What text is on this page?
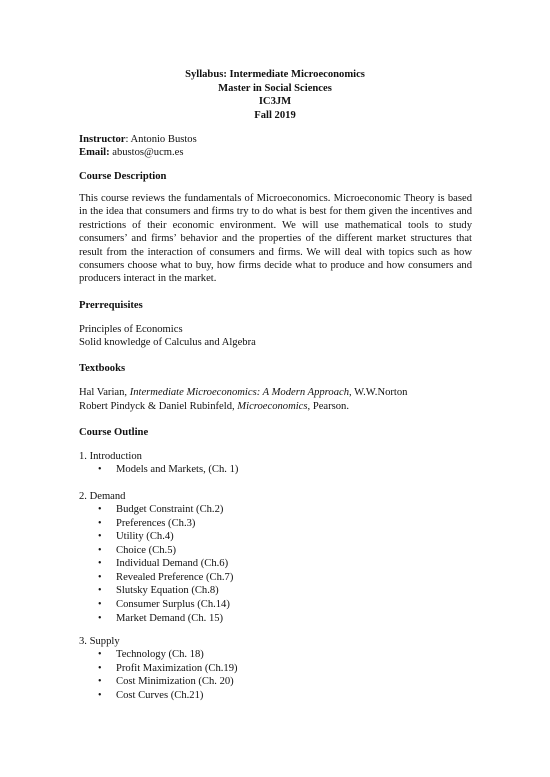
Syllabus: Intermediate Microeconomics
Master in Social Sciences
IC3JM
Fall 2019
Instructor: Antonio Bustos
Email: abustos@ucm.es
Course Description
This course reviews the fundamentals of Microeconomics. Microeconomic Theory is based in the idea that consumers and firms try to do what is best for them given the incentives and restrictions of their economic environment. We will use mathematical tools to study consumers’ and firms’ behavior and the properties of the different market structures that result from the interaction of consumers and firms. We will deal with topics such as how consumers choose what to buy, how firms decide what to produce and how consumers and producers interact in the market.
Prerrequisites
Principles of Economics
Solid knowledge of Calculus and Algebra
Textbooks
Hal Varian, Intermediate Microeconomics: A Modern Approach, W.W.Norton
Robert Pindyck & Daniel Rubinfeld, Microeconomics, Pearson.
Course Outline
1. Introduction
•	Models and Markets, (Ch. 1)
2. Demand
•	Budget Constraint (Ch.2)
•	Preferences (Ch.3)
•	Utility (Ch.4)
•	Choice (Ch.5)
•	Individual Demand (Ch.6)
•	Revealed Preference (Ch.7)
•	Slutsky Equation (Ch.8)
•	Consumer Surplus (Ch.14)
•	Market Demand (Ch. 15)
3. Supply
•	Technology (Ch. 18)
•	Profit Maximization (Ch.19)
•	Cost Minimization (Ch. 20)
•	Cost Curves (Ch.21)
